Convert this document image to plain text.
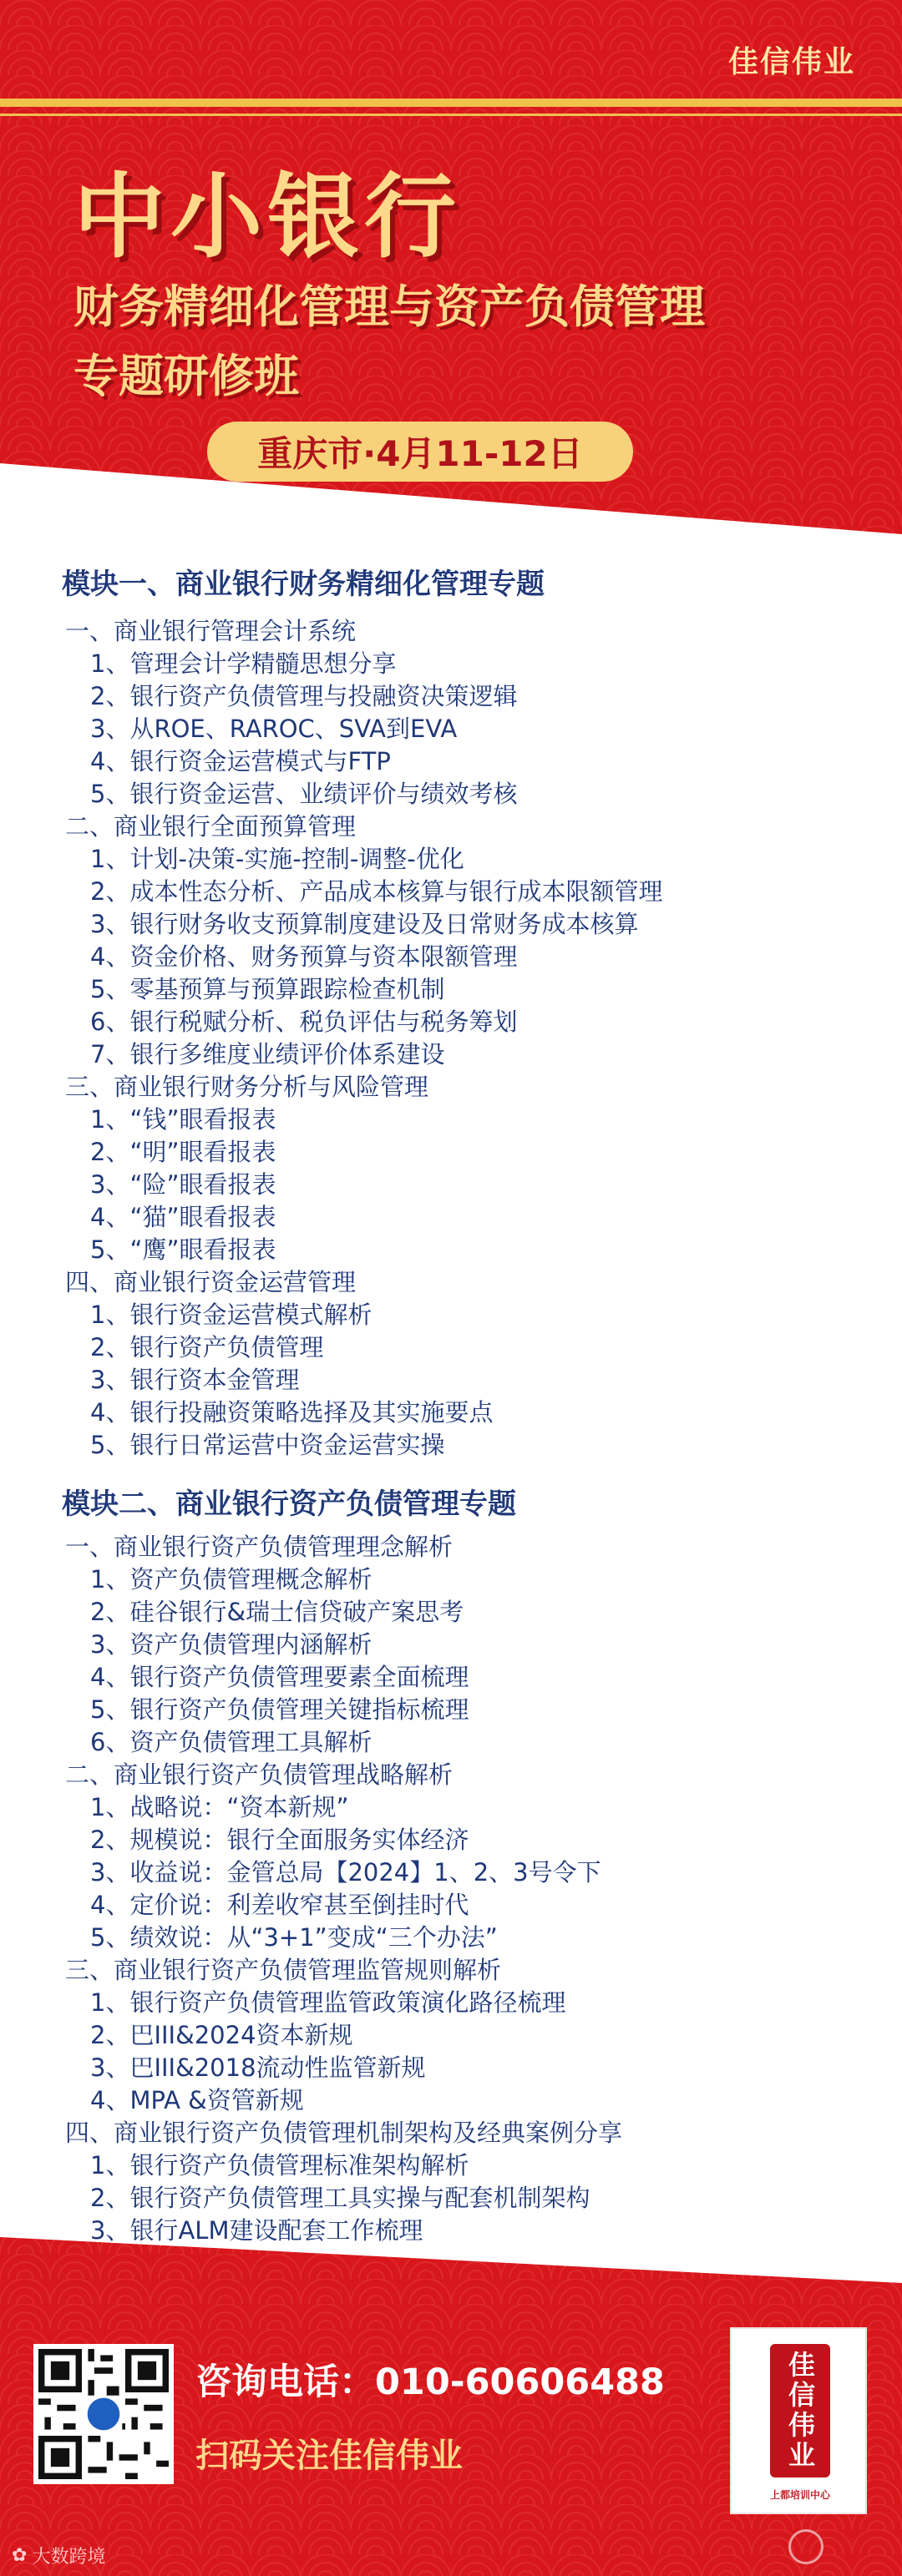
佳信伟业
中小银行
财务精细化管理与资产负债管理
专题研修班
重庆市·4月11-12日
模块一、商业银行财务精细化管理专题
一、商业银行管理会计系统
1、管理会计学精髓思想分享
2、银行资产负债管理与投融资决策逻辑
3、从ROE、RAROC、SVA到EVA
4、银行资金运营模式与FTP
5、银行资金运营、业绩评价与绩效考核
二、商业银行全面预算管理
1、计划-决策-实施-控制-调整-优化
2、成本性态分析、产品成本核算与银行成本限额管理
3、银行财务收支预算制度建设及日常财务成本核算
4、资金价格、财务预算与资本限额管理
5、零基预算与预算跟踪检查机制
6、银行税赋分析、税负评估与税务筹划
7、银行多维度业绩评价体系建设
三、商业银行财务分析与风险管理
1、“钱”眼看报表
2、“明”眼看报表
3、“险”眼看报表
4、“猫”眼看报表
5、“鹰”眼看报表
四、商业银行资金运营管理
1、银行资金运营模式解析
2、银行资产负债管理
3、银行资本金管理
4、银行投融资策略选择及其实施要点
5、银行日常运营中资金运营实操
模块二、商业银行资产负债管理专题
一、商业银行资产负债管理理念解析
1、资产负债管理概念解析
2、硅谷银行&瑞士信贷破产案思考
3、资产负债管理内涵解析
4、银行资产负债管理要素全面梳理
5、银行资产负债管理关键指标梳理
6、资产负债管理工具解析
二、商业银行资产负债管理战略解析
1、战略说：“资本新规”
2、规模说：银行全面服务实体经济
3、收益说：金管总局【2024】1、2、3号令下
4、定价说：利差收窄甚至倒挂时代
5、绩效说：从“3+1”变成“三个办法”
三、商业银行资产负债管理监管规则解析
1、银行资产负债管理监管政策演化路径梳理
2、巴III&2024资本新规
3、巴III&2018流动性监管新规
4、MPA &资管新规
四、商业银行资产负债管理机制架构及经典案例分享
1、银行资产负债管理标准架构解析
2、银行资产负债管理工具实操与配套机制架构
3、银行ALM建设配套工作梳理
咨询电话：010-60606488
扫码关注佳信伟业	佳信伟业
上都培训中心
✿ 大数跨境
